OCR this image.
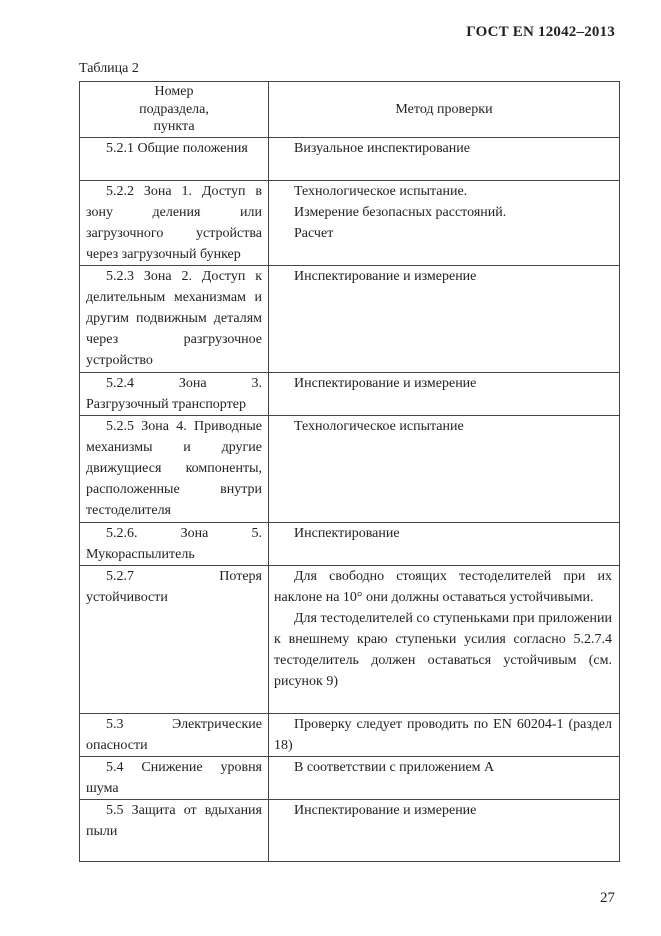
ГОСТ EN 12042–2013
Таблица 2
Номер
подраздела,
пункта	Метод проверки

5.2.1 Общие положения	Визуальное инспектирование

5.2.2 Зона 1. Доступ в зону деления или загрузочного устройства через загрузочный бункер	Технологическое испытание.

Измерение безопасных расстояний.

Расчет

5.2.3 Зона 2. Доступ к делительным механизмам и другим подвижным деталям через разгрузочное устройство	Инспектирование и измерение

5.2.4 Зона 3. Разгрузочный транспортер	Инспектирование и измерение

5.2.5 Зона 4. Приводные механизмы и другие движущиеся компоненты, расположенные внутри тестоделителя	Технологическое испытание

5.2.6. Зона 5. Мукораспылитель	Инспектирование

5.2.7 Потеря устойчивости	Для свободно стоящих тестоделителей при их наклоне на 10° они должны оставаться устойчивыми.

Для тестоделителей со ступеньками при приложении к внешнему краю ступеньки усилия согласно 5.2.7.4 тестоделитель должен оставаться устойчивым (см. рисунок 9)

5.3 Электрические опасности	Проверку следует проводить по EN 60204-1 (раздел 18)

5.4 Снижение уровня шума	В соответствии с приложением А

5.5 Защита от вдыхания пыли	Инспектирование и измерение

27
